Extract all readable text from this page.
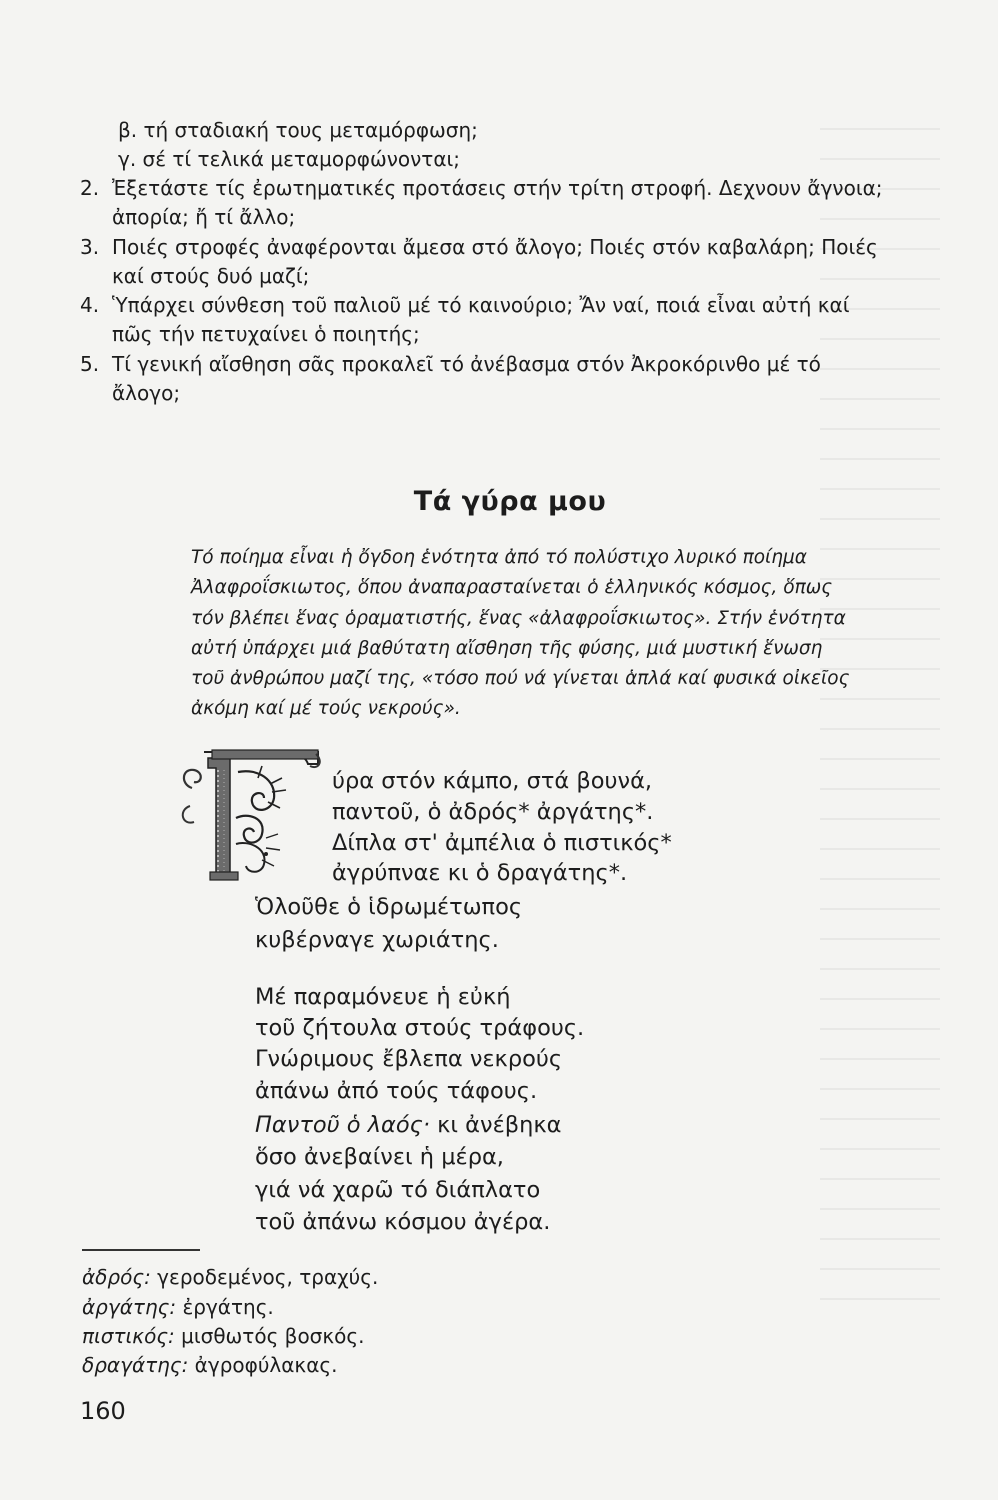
β. τή σταδιακή τους μεταμόρφωση;
γ. σέ τί τελικά μεταμορφώνονται;
2. Ἐξετάστε τίς ἐρωτηματικές προτάσεις στήν τρίτη στροφή. Δεχνουν ἄγνοια;
ἀπορία; ἤ τί ἄλλο;
3. Ποιές στροφές ἀναφέρονται ἄμεσα στό ἄλογο; Ποιές στόν καβαλάρη; Ποιές
καί στούς δυό μαζί;
4. Ὑπάρχει σύνθεση τοῦ παλιοῦ μέ τό καινούριο; Ἄν ναί, ποιά εἶναι αὐτή καί
πῶς τήν πετυχαίνει ὁ ποιητής;
5. Τί γενική αἴσθηση σᾶς προκαλεῖ τό ἀνέβασμα στόν Ἀκροκόρινθο μέ τό
ἄλογο;
Τά γύρα μου
Τό ποίημα εἶναι ἡ ὄγδοη ἑνότητα ἀπό τό πολύστιχο λυρικό ποίημα
Ἀλαφροΐσκιωτος, ὅπου ἀναπαρασταίνεται ὁ ἑλληνικός κόσμος, ὅπως
τόν βλέπει ἕνας ὁραματιστής, ἕνας «ἀλαφροΐσκιωτος». Στήν ἑνότητα
αὐτή ὑπάρχει μιά βαθύτατη αἴσθηση τῆς φύσης, μιά μυστική ἕνωση
τοῦ ἀνθρώπου μαζί της, «τόσο πού νά γίνεται ἁπλά καί φυσικά οἰκεῖος
ἀκόμη καί μέ τούς νεκρούς».
Γ ύρα στόν κάμπο, στά βουνά,
παντοῦ, ὁ ἀδρός* ἀργάτης*.
Δίπλα στ' ἀμπέλια ὁ πιστικός*
ἀγρύπναε κι ὁ δραγάτης*.
Ὁλοῦθε ὁ ἱδρωμέτωπος
κυβέρναγε χωριάτης.
Μέ παραμόνευε ἡ εὐκή
τοῦ ζήτουλα στούς τράφους.
Γνώριμους ἔβλεπα νεκρούς
ἀπάνω ἀπό τούς τάφους.
Παντοῦ ὁ λαός· κι ἀνέβηκα
ὅσο ἀνεβαίνει ἡ μέρα,
γιά νά χαρῶ τό διάπλατο
τοῦ ἀπάνω κόσμου ἀγέρα.
ἀδρός: γεροδεμένος, τραχύς.
ἀργάτης: ἐργάτης.
πιστικός: μισθωτός βοσκός.
δραγάτης: ἀγροφύλακας.
160
